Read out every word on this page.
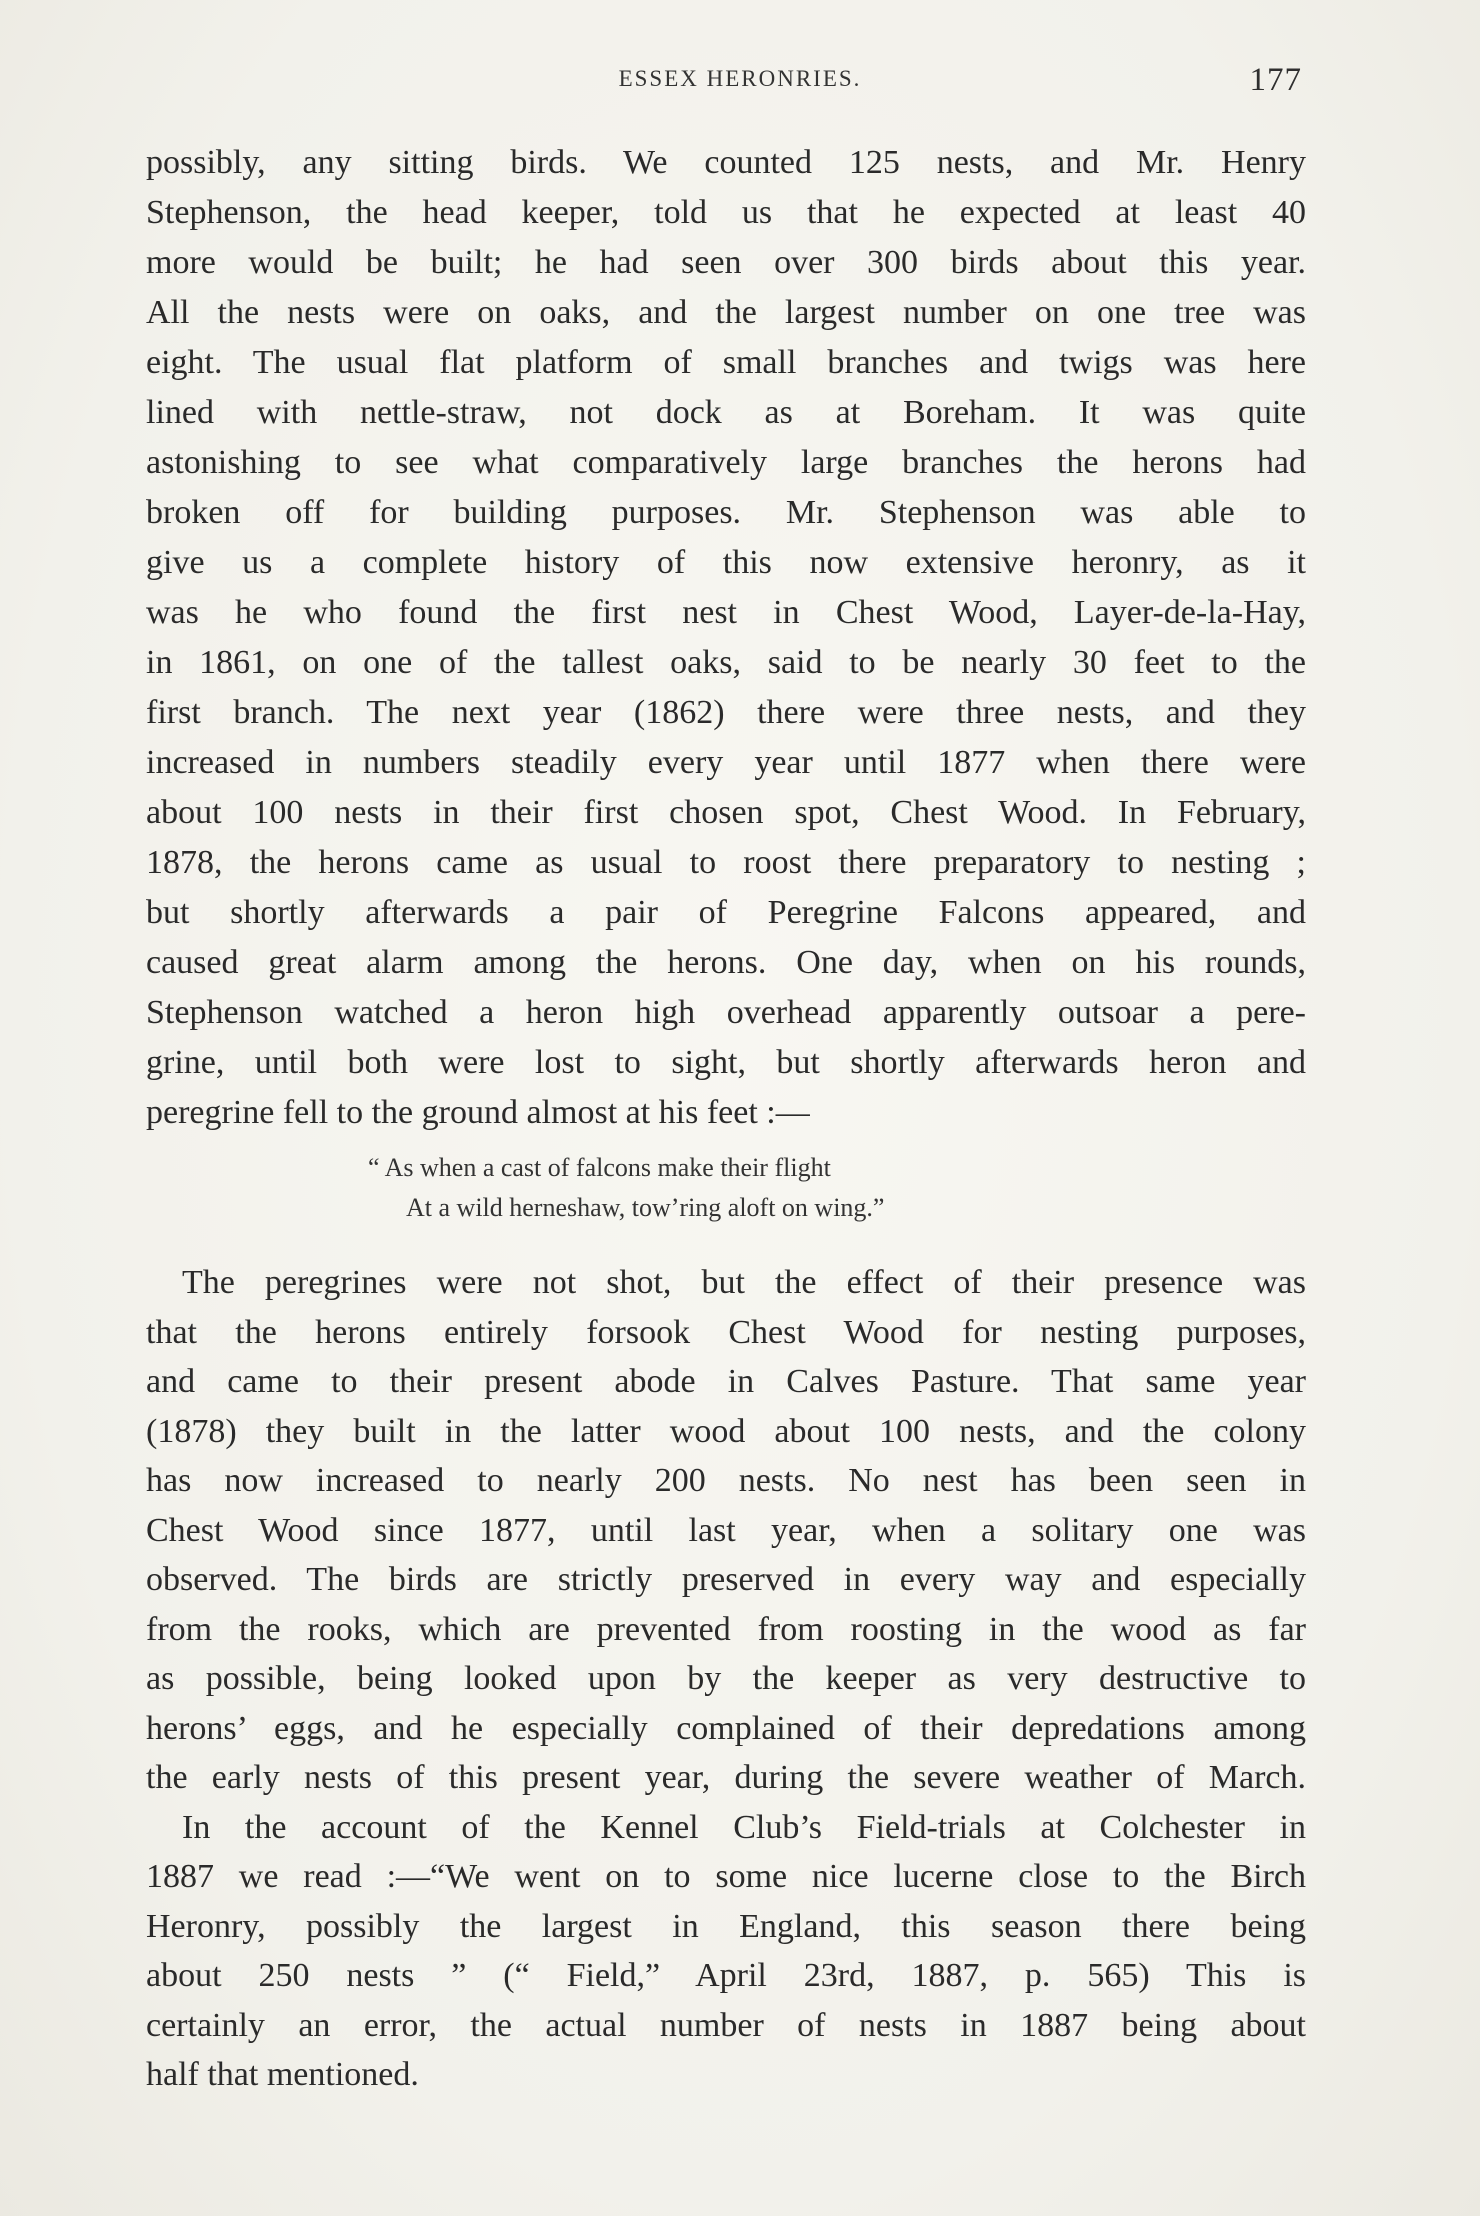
ESSEX HERONRIES.	177
possibly, any sitting birds. We counted 125 nests, and Mr. Henry
Stephenson, the head keeper, told us that he expected at least 40
more would be built; he had seen over 300 birds about this year.
All the nests were on oaks, and the largest number on one tree was
eight. The usual flat platform of small branches and twigs was here
lined with nettle-straw, not dock as at Boreham. It was quite
astonishing to see what comparatively large branches the herons had
broken off for building purposes. Mr. Stephenson was able to
give us a complete history of this now extensive heronry, as it
was he who found the first nest in Chest Wood, Layer-de-la-Hay,
in 1861, on one of the tallest oaks, said to be nearly 30 feet to the
first branch. The next year (1862) there were three nests, and they
increased in numbers steadily every year until 1877 when there were
about 100 nests in their first chosen spot, Chest Wood. In February,
1878, the herons came as usual to roost there preparatory to nesting ;
but shortly afterwards a pair of Peregrine Falcons appeared, and
caused great alarm among the herons. One day, when on his rounds,
Stephenson watched a heron high overhead apparently outsoar a pere-
grine, until both were lost to sight, but shortly afterwards heron and
peregrine fell to the ground almost at his feet :—
“ As when a cast of falcons make their flight
At a wild herneshaw, tow’ring aloft on wing.”
The peregrines were not shot, but the effect of their presence was
that the herons entirely forsook Chest Wood for nesting purposes,
and came to their present abode in Calves Pasture. That same year
(1878) they built in the latter wood about 100 nests, and the colony
has now increased to nearly 200 nests. No nest has been seen in
Chest Wood since 1877, until last year, when a solitary one was
observed. The birds are strictly preserved in every way and especially
from the rooks, which are prevented from roosting in the wood as far
as possible, being looked upon by the keeper as very destructive to
herons’ eggs, and he especially complained of their depredations among
the early nests of this present year, during the severe weather of March.
In the account of the Kennel Club’s Field-trials at Colchester in
1887 we read :—“We went on to some nice lucerne close to the Birch
Heronry, possibly the largest in England, this season there being
about 250 nests ” (“ Field,” April 23rd, 1887, p. 565) This is
certainly an error, the actual number of nests in 1887 being about
half that mentioned.
